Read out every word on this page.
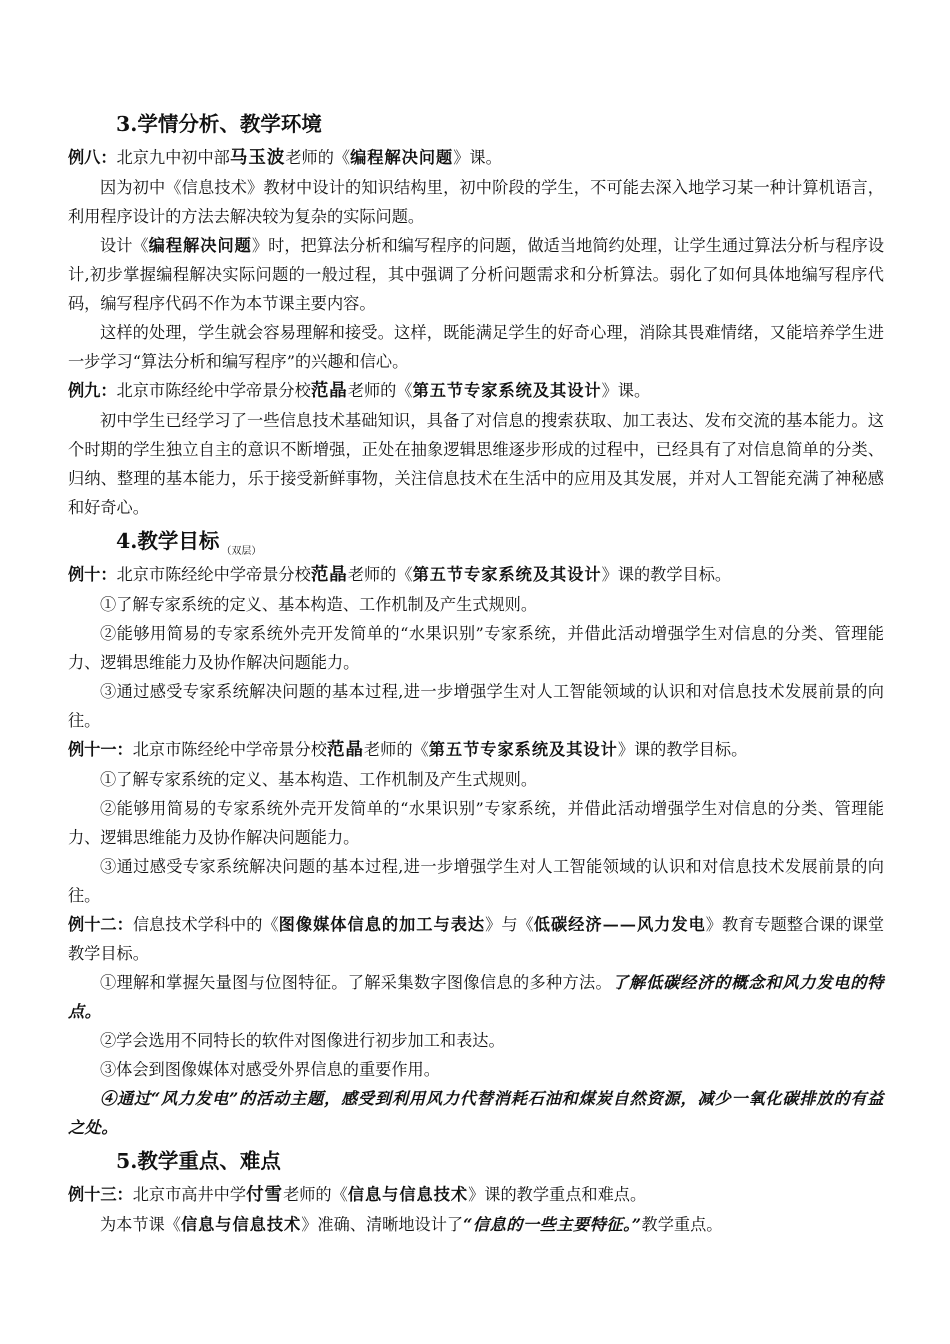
3.学情分析、教学环境

例八：北京九中初中部马玉波老师的《编程解决问题》课。

因为初中《信息技术》教材中设计的知识结构里，初中阶段的学生，不可能去深入地学习某一种计算机语言，利用程序设计的方法去解决较为复杂的实际问题。

设计《编程解决问题》时，把算法分析和编写程序的问题，做适当地简约处理，让学生通过算法分析与程序设计,初步掌握编程解决实际问题的一般过程，其中强调了分析问题需求和分析算法。弱化了如何具体地编写程序代码，编写程序代码不作为本节课主要内容。

这样的处理，学生就会容易理解和接受。这样，既能满足学生的好奇心理，消除其畏难情绪，又能培养学生进一步学习“算法分析和编写程序”的兴趣和信心。

例九：北京市陈经纶中学帝景分校范晶老师的《第五节专家系统及其设计》课。

初中学生已经学习了一些信息技术基础知识，具备了对信息的搜索获取、加工表达、发布交流的基本能力。这个时期的学生独立自主的意识不断增强，正处在抽象逻辑思维逐步形成的过程中，已经具有了对信息简单的分类、归纳、整理的基本能力，乐于接受新鲜事物，关注信息技术在生活中的应用及其发展，并对人工智能充满了神秘感和好奇心。

4.教学目标 $_{(双层)}$

例十：北京市陈经纶中学帝景分校范晶老师的《第五节专家系统及其设计》课的教学目标。

①了解专家系统的定义、基本构造、工作机制及产生式规则。

②能够用简易的专家系统外壳开发简单的“水果识别”专家系统，并借此活动增强学生对信息的分类、管理能力、逻辑思维能力及协作解决问题能力。

③通过感受专家系统解决问题的基本过程,进一步增强学生对人工智能领域的认识和对信息技术发展前景的向往。

例十一：北京市陈经纶中学帝景分校范晶老师的《第五节专家系统及其设计》课的教学目标。

①了解专家系统的定义、基本构造、工作机制及产生式规则。

②能够用简易的专家系统外壳开发简单的“水果识别”专家系统，并借此活动增强学生对信息的分类、管理能力、逻辑思维能力及协作解决问题能力。

③通过感受专家系统解决问题的基本过程,进一步增强学生对人工智能领域的认识和对信息技术发展前景的向往。

例十二：信息技术学科中的《图像媒体信息的加工与表达》与《低碳经济——风力发电》教育专题整合课的课堂教学目标。

①理解和掌握矢量图与位图特征。了解采集数字图像信息的多种方法。了解低碳经济的概念和风力发电的特点。

②学会选用不同特长的软件对图像进行初步加工和表达。

③体会到图像媒体对感受外界信息的重要作用。

④通过“风力发电”的活动主题，感受到利用风力代替消耗石油和煤炭自然资源，减少一氧化碳排放的有益之处。

5.教学重点、难点

例十三：北京市高井中学付雪老师的《信息与信息技术》课的教学重点和难点。

为本节课《信息与信息技术》准确、清晰地设计了“信息的一些主要特征。”教学重点。
